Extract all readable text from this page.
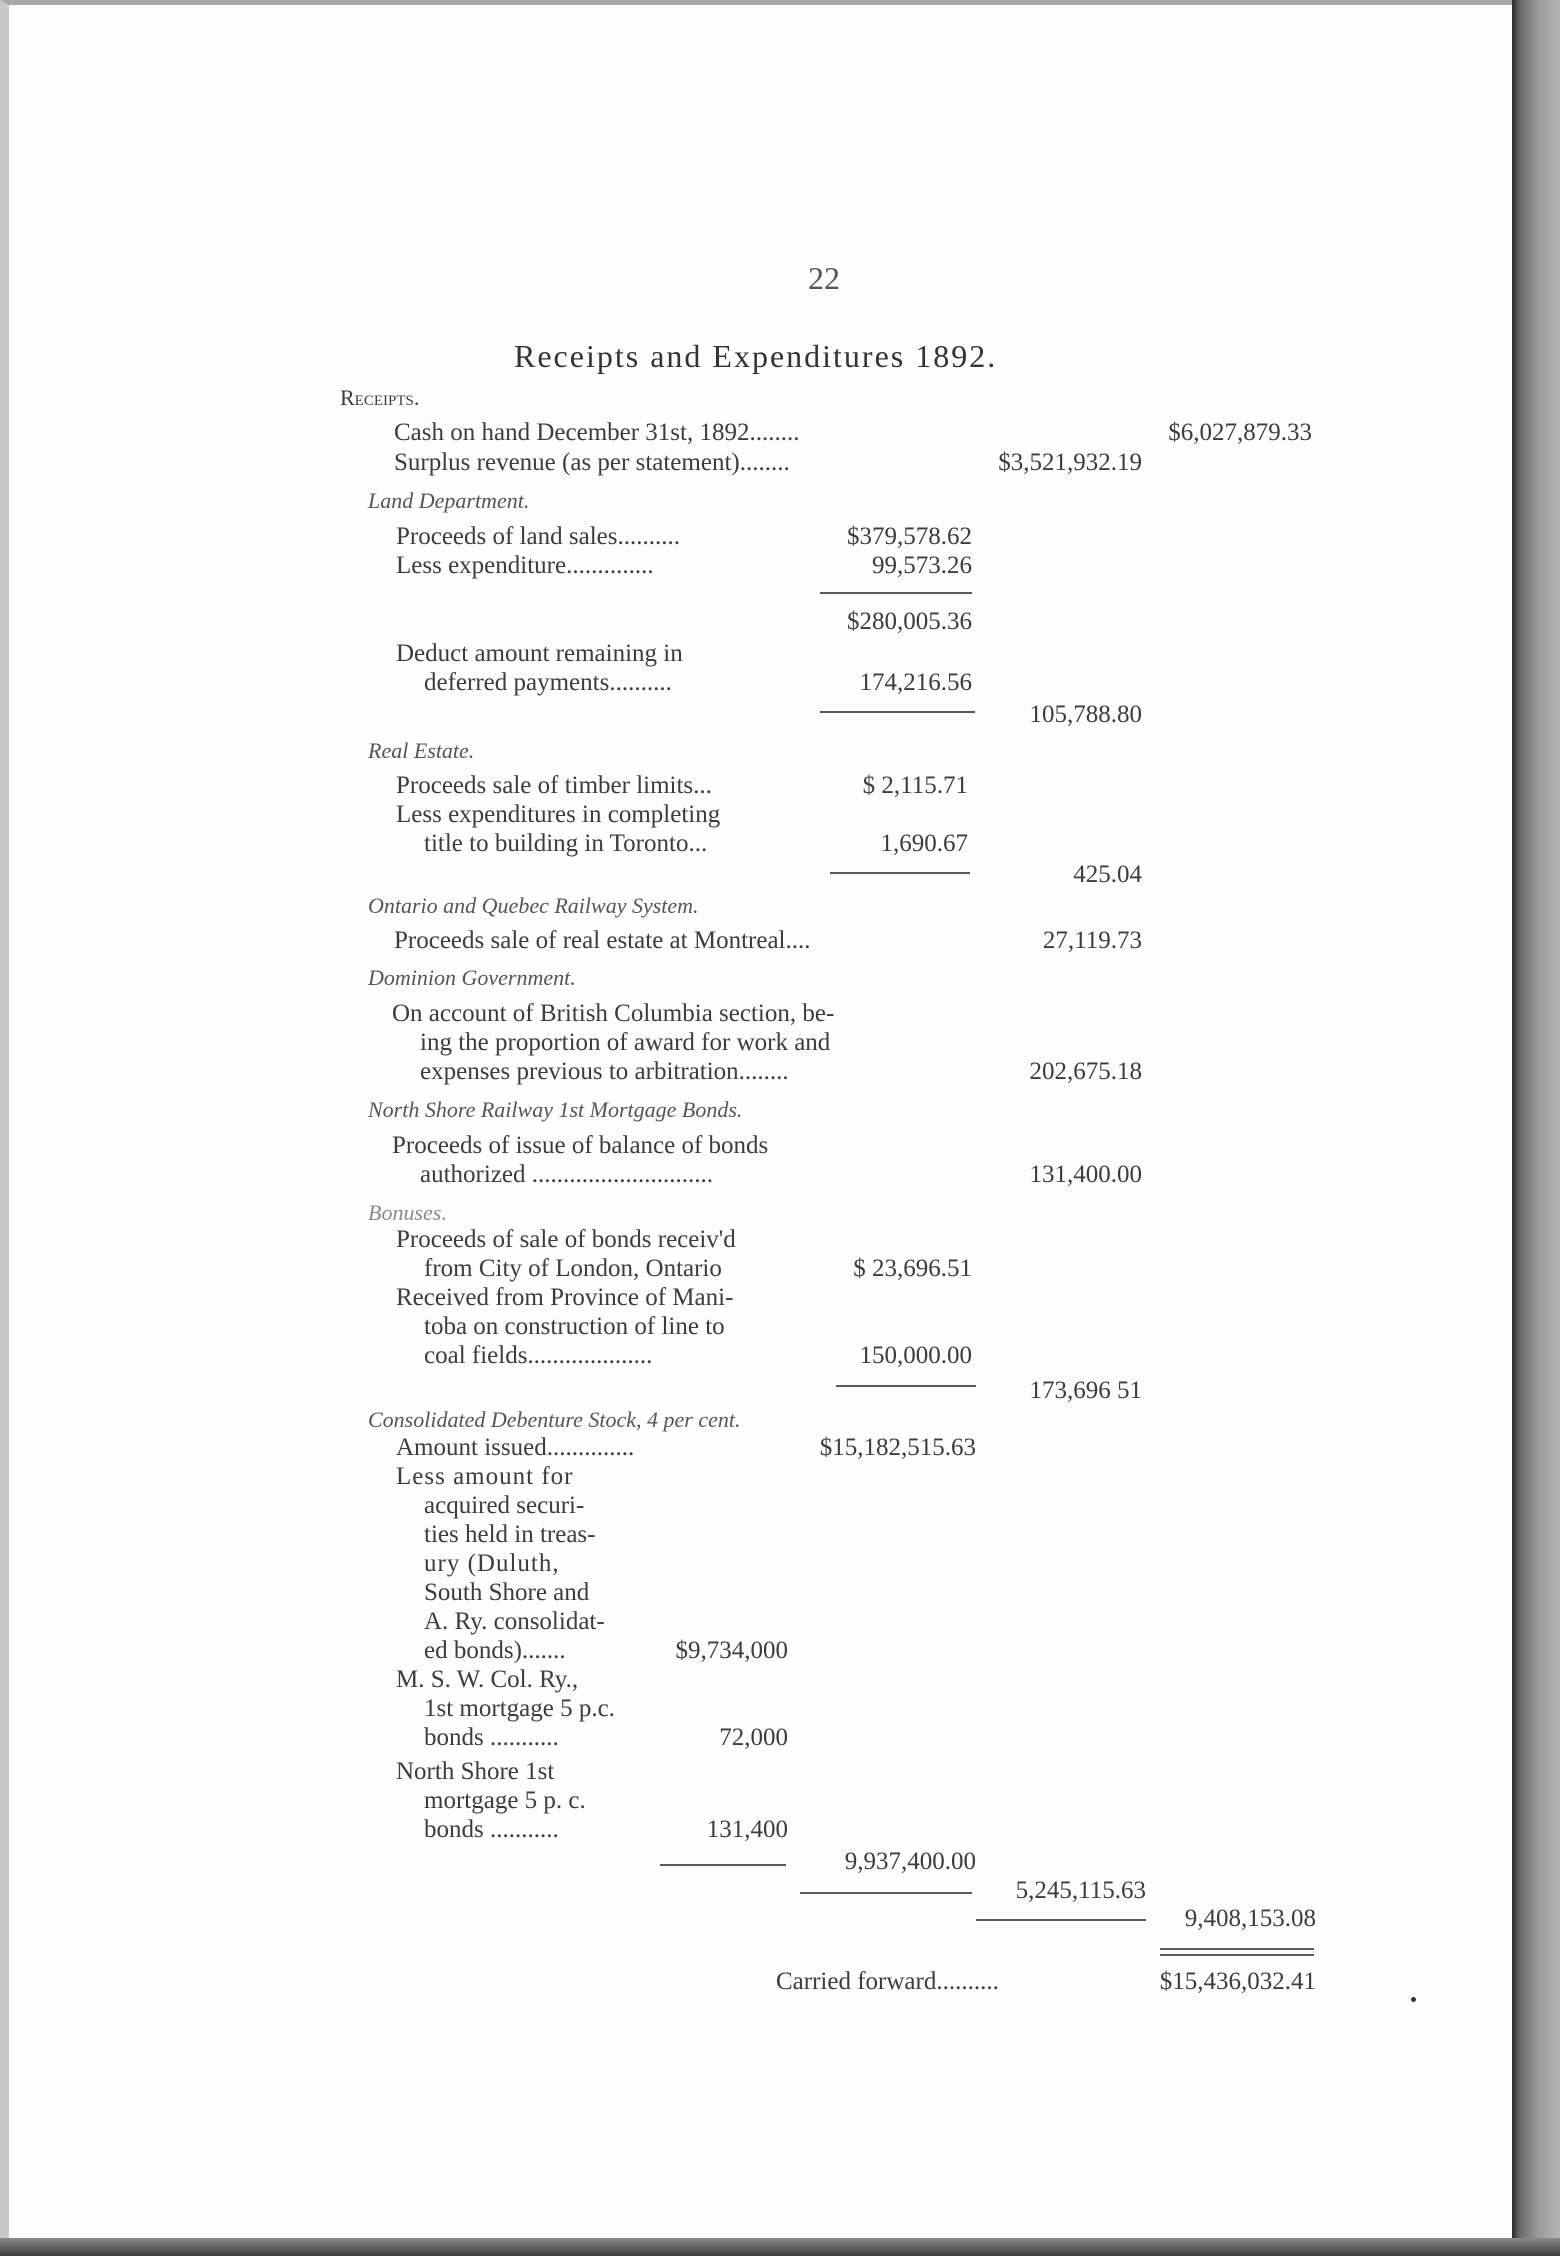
22
Receipts and Expenditures 1892.
Receipts.
Cash on hand December 31st, 1892........	$6,027,879.33
Surplus revenue (as per statement)........	$3,521,932.19
Land Department.
Proceeds of land sales..........	$379,578.62
Less expenditure..............	99,573.26
$280,005.36
Deduct amount remaining in
deferred payments..........	174,216.56
105,788.80
Real Estate.
Proceeds sale of timber limits...	$ 2,115.71
Less expenditures in completing
title to building in Toronto...	1,690.67
425.04
Ontario and Quebec Railway System.
Proceeds sale of real estate at Montreal....	27,119.73
Dominion Government.
On account of British Columbia section, be-
ing the proportion of award for work and
expenses previous to arbitration........	202,675.18
North Shore Railway 1st Mortgage Bonds.
Proceeds of issue of balance of bonds
authorized .............................	131,400.00
Bonuses.
Proceeds of sale of bonds receiv'd
from City of London, Ontario	$ 23,696.51
Received from Province of Mani-
toba on construction of line to
coal fields....................	150,000.00
173,696 51
Consolidated Debenture Stock, 4 per cent.
Amount issued..............	$15,182,515.63
Less amount for
acquired securi-
ties held in treas-
ury (Duluth,
South Shore and
A. Ry. consolidat-
ed bonds).......	$9,734,000
M. S. W. Col. Ry.,
1st mortgage 5 p.c.
bonds ...........	72,000
North Shore 1st
mortgage 5 p. c.
bonds ...........	131,400
9,937,400.00
5,245,115.63
9,408,153.08
Carried forward..........	$15,436,032.41
